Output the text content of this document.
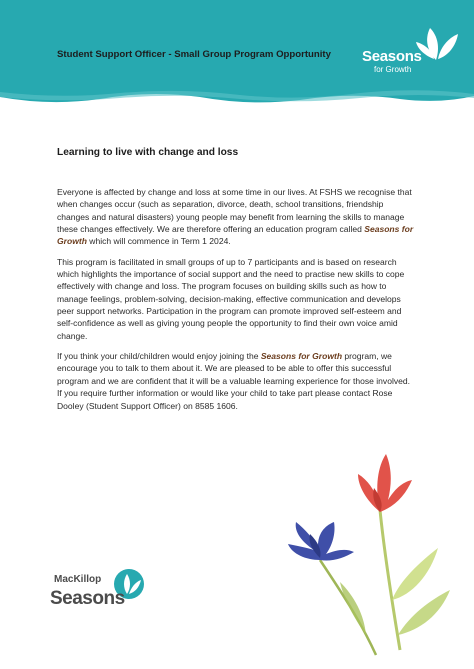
Student Support Officer - Small Group Program Opportunity Seasons
for Growth
Learning to live with change and loss

Everyone is affected by change and loss at some time in our lives. At FSHS we recognise that when changes occur (such as separation, divorce, death, school transitions, friendship changes and natural disasters) young people may benefit from learning the skills to manage these changes effectively. We are therefore offering an education program called Seasons for Growth which will commence in Term 1 2024.

This program is facilitated in small groups of up to 7 participants and is based on research which highlights the importance of social support and the need to practise new skills to cope effectively with change and loss. The program focuses on building skills such as how to manage feelings, problem-solving, decision-making, effective communication and develops peer support networks. Participation in the program can promote improved self-esteem and self-confidence as well as giving young people the opportunity to find their own voice amid change.

If you think your child/children would enjoy joining the Seasons for Growth program, we encourage you to talk to them about it. We are pleased to be able to offer this successful program and we are confident that it will be a valuable learning experience for those involved. If you require further information or would like your child to take part please contact Rose Dooley (Student Support Officer) on 8585 1606.

MacKillop
Seasons
